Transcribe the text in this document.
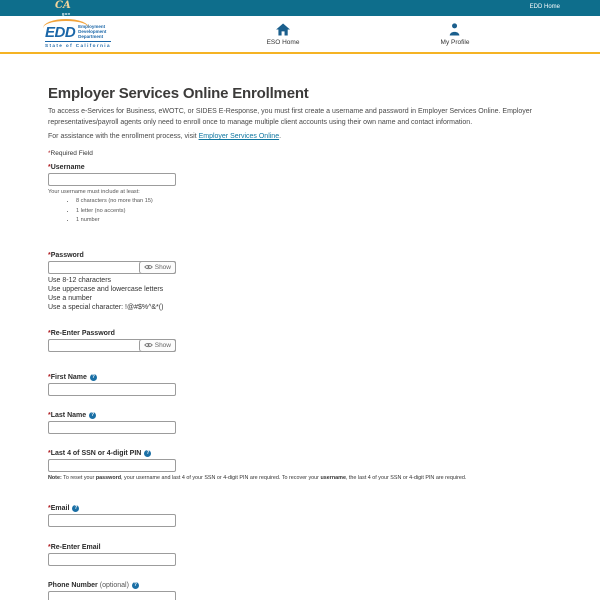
CA
gov
EDD Home
EDD Employment
Development
Department
State of California	ESO Home	My Profile
Employer Services Online Enrollment

To access e-Services for Business, eWOTC, or SIDES E-Response, you must first create a username and password in Employer Services Online. Employer representatives/payroll agents only need to enroll once to manage multiple client accounts using their own name and contact information.

For assistance with the enrollment process, visit Employer Services Online.

*Required Field
*Username
Your username must include at least:
• 8 characters (no more than 15)
• 1 letter (no accents)
• 1 number
*Password
Show
Use 8-12 characters
Use uppercase and lowercase letters
Use a number
Use a special character: !@#$%^&*()
*Re-Enter Password
Show
*First Name ?
*Last Name ?
*Last 4 of SSN or 4-digit PIN ?
Note: To reset your password, your username and last 4 of your SSN or 4-digit PIN are required. To recover your username, the last 4 of your SSN or 4-digit PIN are required.
*Email ?
*Re-Enter Email
Phone Number (optional) ?
